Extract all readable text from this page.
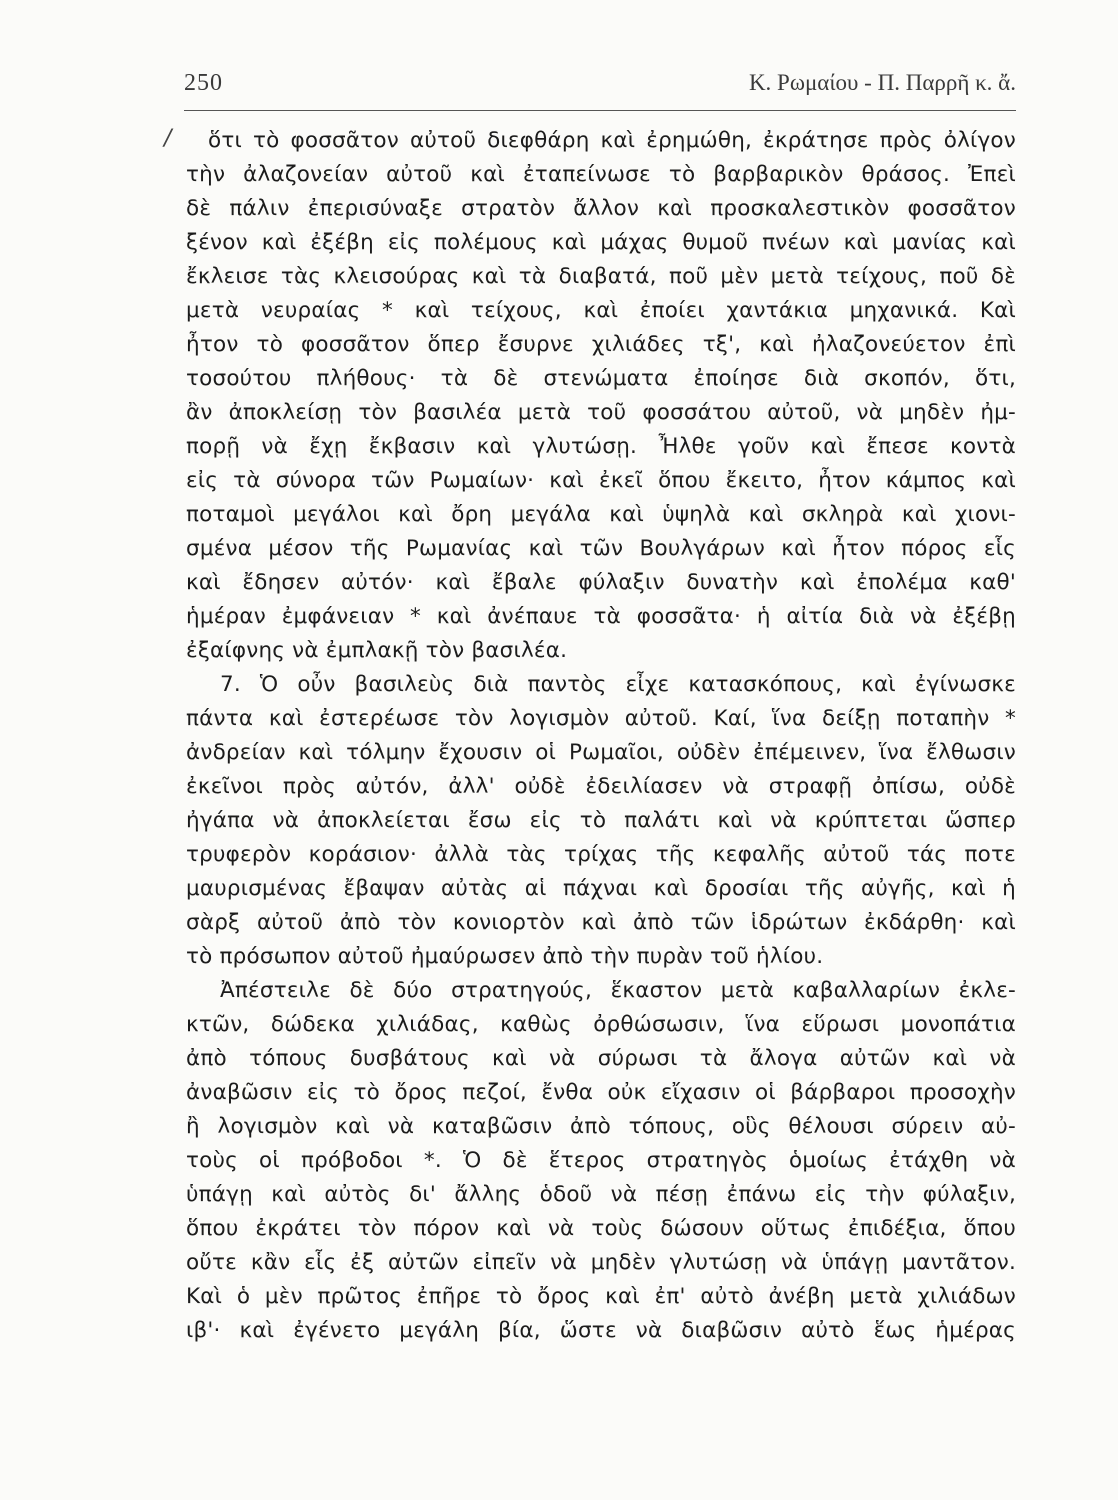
250	Κ. Ρωμαίου - Π. Παρρῆ κ. ἄ.
/	ὅτι τὸ φοσσᾶτον αὐτοῦ διεφθάρη καὶ ἐρημώθη, ἐκράτησε πρὸς ὀλίγον
τὴν ἀλαζονείαν αὐτοῦ καὶ ἐταπείνωσε τὸ βαρβαρικὸν θράσος. Ἐπεὶ
δὲ πάλιν ἐπερισύναξε στρατὸν ἄλλον καὶ προσκαλεστικὸν φοσσᾶτον
ξένον καὶ ἐξέβη εἰς πολέμους καὶ μάχας θυμοῦ πνέων καὶ μανίας καὶ
ἔκλεισε τὰς κλεισούρας καὶ τὰ διαβατά, ποῦ μὲν μετὰ τείχους, ποῦ δὲ
μετὰ νευραίας * καὶ τείχους, καὶ ἐποίει χαντάκια μηχανικά. Καὶ
ἦτον τὸ φοσσᾶτον ὅπερ ἔσυρνε χιλιάδες τξ', καὶ ἠλαζονεύετον ἐπὶ
τοσούτου πλήθους· τὰ δὲ στενώματα ἐποίησε διὰ σκοπόν, ὅτι,
ἂν ἀποκλείσῃ τὸν βασιλέα μετὰ τοῦ φοσσάτου αὐτοῦ, νὰ μηδὲν ἠμ-
πορῇ νὰ ἔχῃ ἔκβασιν καὶ γλυτώσῃ. Ἦλθε γοῦν καὶ ἔπεσε κοντὰ
εἰς τὰ σύνορα τῶν Ρωμαίων· καὶ ἐκεῖ ὅπου ἔκειτο, ἦτον κάμπος καὶ
ποταμοὶ μεγάλοι καὶ ὄρη μεγάλα καὶ ὑψηλὰ καὶ σκληρὰ καὶ χιονι-
σμένα μέσον τῆς Ρωμανίας καὶ τῶν Βουλγάρων καὶ ἦτον πόρος εἷς
καὶ ἔδησεν αὐτόν· καὶ ἔβαλε φύλαξιν δυνατὴν καὶ ἐπολέμα καθ'
ἡμέραν ἐμφάνειαν * καὶ ἀνέπαυε τὰ φοσσᾶτα· ἡ αἰτία διὰ νὰ ἐξέβῃ
ἐξαίφνης νὰ ἐμπλακῇ τὸν βασιλέα.
7. Ὁ οὖν βασιλεὺς διὰ παντὸς εἶχε κατασκόπους, καὶ ἐγίνωσκε
πάντα καὶ ἐστερέωσε τὸν λογισμὸν αὐτοῦ. Καί, ἵνα δείξῃ ποταπὴν *
ἀνδρείαν καὶ τόλμην ἔχουσιν οἱ Ρωμαῖοι, οὐδὲν ἐπέμεινεν, ἵνα ἔλθωσιν
ἐκεῖνοι πρὸς αὐτόν, ἀλλ' οὐδὲ ἐδειλίασεν νὰ στραφῇ ὀπίσω, οὐδὲ
ἠγάπα νὰ ἀποκλείεται ἔσω εἰς τὸ παλάτι καὶ νὰ κρύπτεται ὥσπερ
τρυφερὸν κοράσιον· ἀλλὰ τὰς τρίχας τῆς κεφαλῆς αὐτοῦ τάς ποτε
μαυρισμένας ἔβαψαν αὐτὰς αἱ πάχναι καὶ δροσίαι τῆς αὐγῆς, καὶ ἡ
σὰρξ αὐτοῦ ἀπὸ τὸν κονιορτὸν καὶ ἀπὸ τῶν ἱδρώτων ἐκδάρθη· καὶ
τὸ πρόσωπον αὐτοῦ ἠμαύρωσεν ἀπὸ τὴν πυρὰν τοῦ ἡλίου.
Ἀπέστειλε δὲ δύο στρατηγούς, ἕκαστον μετὰ καβαλλαρίων ἐκλε-
κτῶν, δώδεκα χιλιάδας, καθὼς ὀρθώσωσιν, ἵνα εὕρωσι μονοπάτια
ἀπὸ τόπους δυσβάτους καὶ νὰ σύρωσι τὰ ἄλογα αὐτῶν καὶ νὰ
ἀναβῶσιν εἰς τὸ ὄρος πεζοί, ἔνθα οὐκ εἴχασιν οἱ βάρβαροι προσοχὴν
ἢ λογισμὸν καὶ νὰ καταβῶσιν ἀπὸ τόπους, οὓς θέλουσι σύρειν αὐ-
τοὺς οἱ πρόβοδοι *. Ὁ δὲ ἕτερος στρατηγὸς ὁμοίως ἐτάχθη νὰ
ὑπάγῃ καὶ αὐτὸς δι' ἄλλης ὁδοῦ νὰ πέσῃ ἐπάνω εἰς τὴν φύλαξιν,
ὅπου ἐκράτει τὸν πόρον καὶ νὰ τοὺς δώσουν οὕτως ἐπιδέξια, ὅπου
οὔτε κἂν εἷς ἐξ αὐτῶν εἰπεῖν νὰ μηδὲν γλυτώσῃ νὰ ὑπάγῃ μαντᾶτον.
Καὶ ὁ μὲν πρῶτος ἐπῆρε τὸ ὄρος καὶ ἐπ' αὐτὸ ἀνέβη μετὰ χιλιάδων
ιβ'· καὶ ἐγένετο μεγάλη βία, ὥστε νὰ διαβῶσιν αὐτὸ ἕως ἡμέρας
